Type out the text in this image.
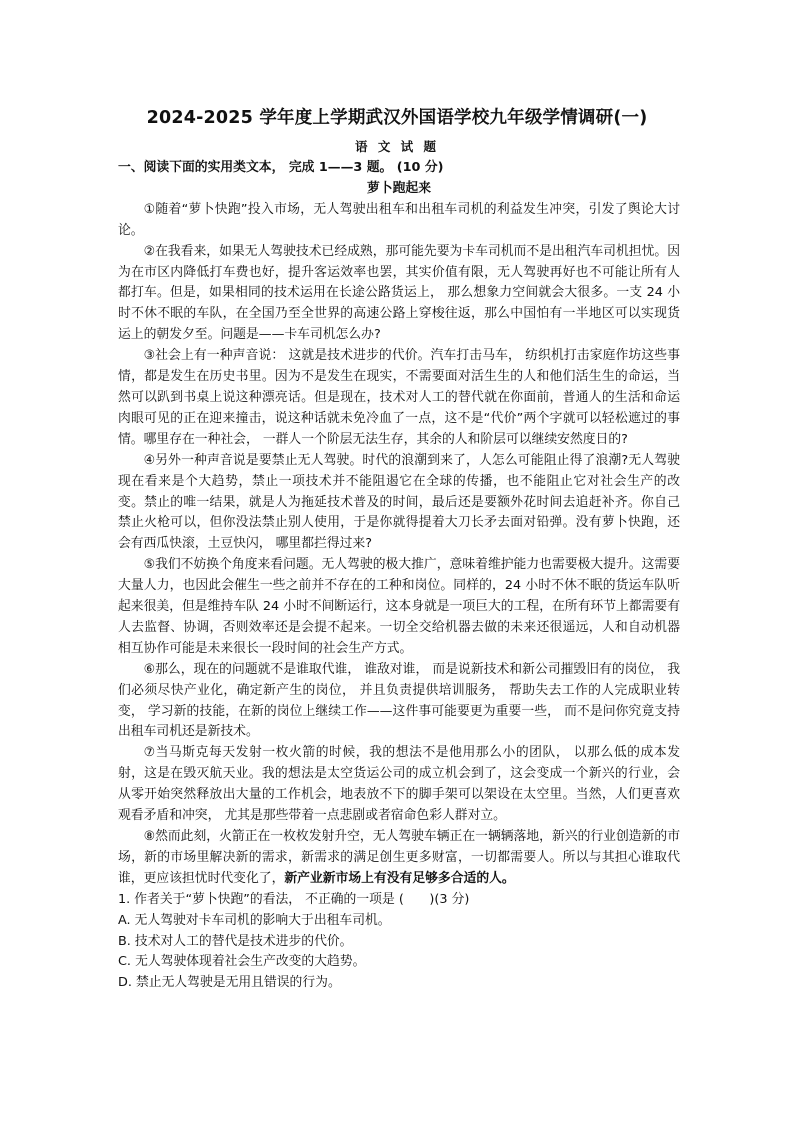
2024-2025 学年度上学期武汉外国语学校九年级学情调研(一)
语 文 试 题
一、阅读下面的实用类文本， 完成 1——3 题。 (10 分)
萝卜跑起来

①随着“萝卜快跑”投入市场，无人驾驶出租车和出租车司机的利益发生冲突，引发了舆论大讨论。

②在我看来，如果无人驾驶技术已经成熟，那可能先要为卡车司机而不是出租汽车司机担忧。因为在市区内降低打车费也好，提升客运效率也罢，其实价值有限，无人驾驶再好也不可能让所有人都打车。但是，如果相同的技术运用在长途公路货运上， 那么想象力空间就会大很多。一支 24 小时不休不眠的车队，在全国乃至全世界的高速公路上穿梭往返，那么中国怕有一半地区可以实现货运上的朝发夕至。问题是——卡车司机怎么办?

③社会上有一种声音说： 这就是技术进步的代价。汽车打击马车， 纺织机打击家庭作坊这些事情，都是发生在历史书里。因为不是发生在现实，不需要面对活生生的人和他们活生生的命运，当然可以趴到书桌上说这种漂亮话。但是现在，技术对人工的替代就在你面前，普通人的生活和命运肉眼可见的正在迎来撞击，说这种话就未免冷血了一点，这不是“代价”两个字就可以轻松遮过的事情。哪里存在一种社会， 一群人一个阶层无法生存，其余的人和阶层可以继续安然度日的?

④另外一种声音说是要禁止无人驾驶。时代的浪潮到来了，人怎么可能阻止得了浪潮?无人驾驶现在看来是个大趋势，禁止一项技术并不能阻遏它在全球的传播，也不能阻止它对社会生产的改变。禁止的唯一结果，就是人为拖延技术普及的时间，最后还是要额外花时间去追赶补齐。你自己禁止火枪可以，但你没法禁止别人使用，于是你就得提着大刀长矛去面对铅弹。没有萝卜快跑，还会有西瓜快滚，土豆快闪， 哪里都拦得过来?

⑤我们不妨换个角度来看问题。无人驾驶的极大推广，意味着维护能力也需要极大提升。这需要大量人力，也因此会催生一些之前并不存在的工种和岗位。同样的，24 小时不休不眠的货运车队听起来很美，但是维持车队 24 小时不间断运行，这本身就是一项巨大的工程，在所有环节上都需要有人去监督、协调，否则效率还是会提不起来。一切全交给机器去做的未来还很遥远，人和自动机器相互协作可能是未来很长一段时间的社会生产方式。

⑥那么，现在的问题就不是谁取代谁， 谁敌对谁， 而是说新技术和新公司摧毁旧有的岗位， 我们必须尽快产业化，确定新产生的岗位， 并且负责提供培训服务， 帮助失去工作的人完成职业转变， 学习新的技能，在新的岗位上继续工作——这件事可能要更为重要一些， 而不是问你究竟支持出租车司机还是新技术。

⑦当马斯克每天发射一枚火箭的时候，我的想法不是他用那么小的团队， 以那么低的成本发射，这是在毁灭航天业。我的想法是太空货运公司的成立机会到了，这会变成一个新兴的行业，会从零开始突然释放出大量的工作机会，地表放不下的脚手架可以架设在太空里。当然，人们更喜欢观看矛盾和冲突， 尤其是那些带着一点悲剧或者宿命色彩人群对立。

⑧然而此刻，火箭正在一枚枚发射升空，无人驾驶车辆正在一辆辆落地，新兴的行业创造新的市场，新的市场里解决新的需求，新需求的满足创生更多财富，一切都需要人。所以与其担心谁取代谁，更应该担忧时代变化了，新产业新市场上有没有足够多合适的人。

1. 作者关于“萝卜快跑”的看法， 不正确的一项是 (　　)(3 分)

A. 无人驾驶对卡车司机的影响大于出租车司机。

B. 技术对人工的替代是技术进步的代价。

C. 无人驾驶体现着社会生产改变的大趋势。

D. 禁止无人驾驶是无用且错误的行为。
